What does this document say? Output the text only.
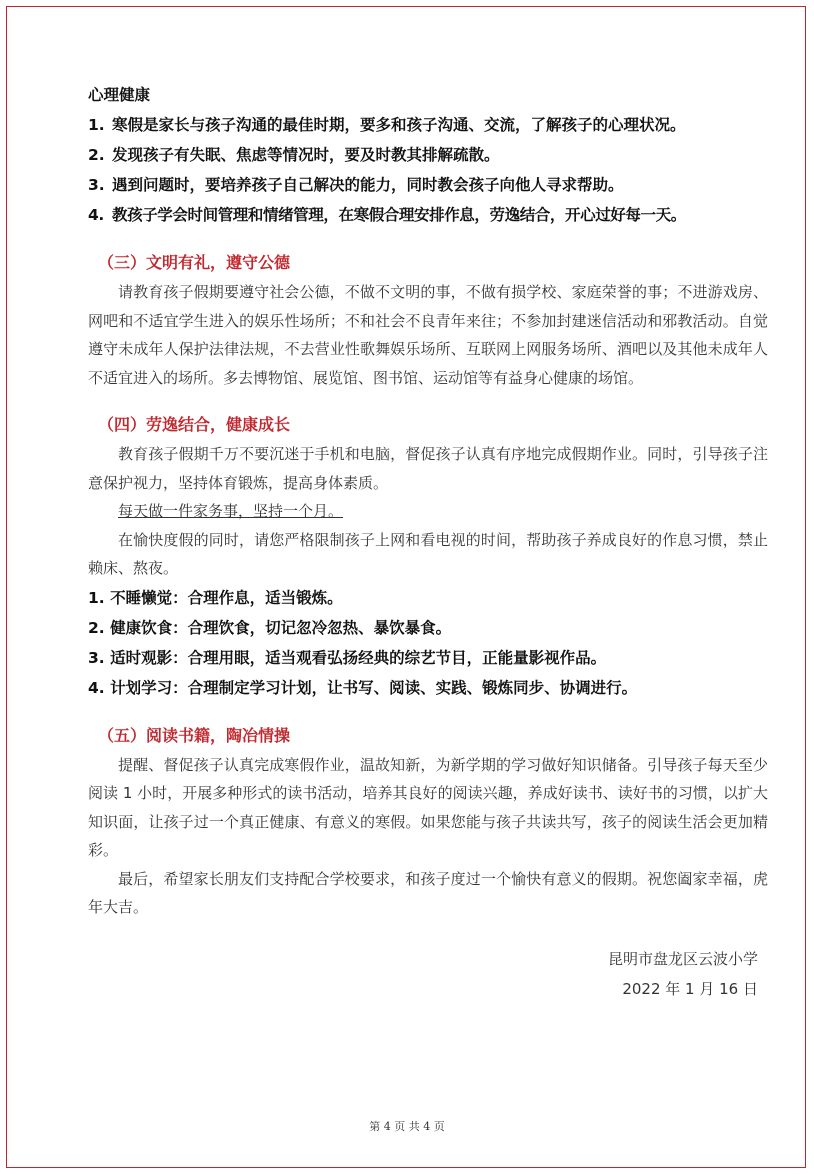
心理健康
1. 寒假是家长与孩子沟通的最佳时期，要多和孩子沟通、交流，了解孩子的心理状况。
2. 发现孩子有失眠、焦虑等情况时，要及时教其排解疏散。
3. 遇到问题时，要培养孩子自己解决的能力，同时教会孩子向他人寻求帮助。
4. 教孩子学会时间管理和情绪管理，在寒假合理安排作息，劳逸结合，开心过好每一天。
（三）文明有礼，遵守公德
请教育孩子假期要遵守社会公德，不做不文明的事，不做有损学校、家庭荣誉的事；不进游戏房、网吧和不适宜学生进入的娱乐性场所；不和社会不良青年来往；不参加封建迷信活动和邪教活动。自觉遵守未成年人保护法律法规，不去营业性歌舞娱乐场所、互联网上网服务场所、酒吧以及其他未成年人不适宜进入的场所。多去博物馆、展览馆、图书馆、运动馆等有益身心健康的场馆。
（四）劳逸结合，健康成长
教育孩子假期千万不要沉迷于手机和电脑，督促孩子认真有序地完成假期作业。同时，引导孩子注意保护视力，坚持体育锻炼，提高身体素质。
每天做一件家务事，坚持一个月。
在愉快度假的同时，请您严格限制孩子上网和看电视的时间，帮助孩子养成良好的作息习惯，禁止赖床、熬夜。
1. 不睡懒觉：合理作息，适当锻炼。
2. 健康饮食：合理饮食，切记忽冷忽热、暴饮暴食。
3. 适时观影：合理用眼，适当观看弘扬经典的综艺节目，正能量影视作品。
4. 计划学习：合理制定学习计划，让书写、阅读、实践、锻炼同步、协调进行。
（五）阅读书籍，陶冶情操
提醒、督促孩子认真完成寒假作业，温故知新，为新学期的学习做好知识储备。引导孩子每天至少阅读 1 小时，开展多种形式的读书活动，培养其良好的阅读兴趣，养成好读书、读好书的习惯，以扩大知识面，让孩子过一个真正健康、有意义的寒假。如果您能与孩子共读共写，孩子的阅读生活会更加精彩。
最后，希望家长朋友们支持配合学校要求，和孩子度过一个愉快有意义的假期。祝您阖家幸福，虎年大吉。
昆明市盘龙区云波小学
2022 年 1 月 16 日
第 4 页 共 4 页
